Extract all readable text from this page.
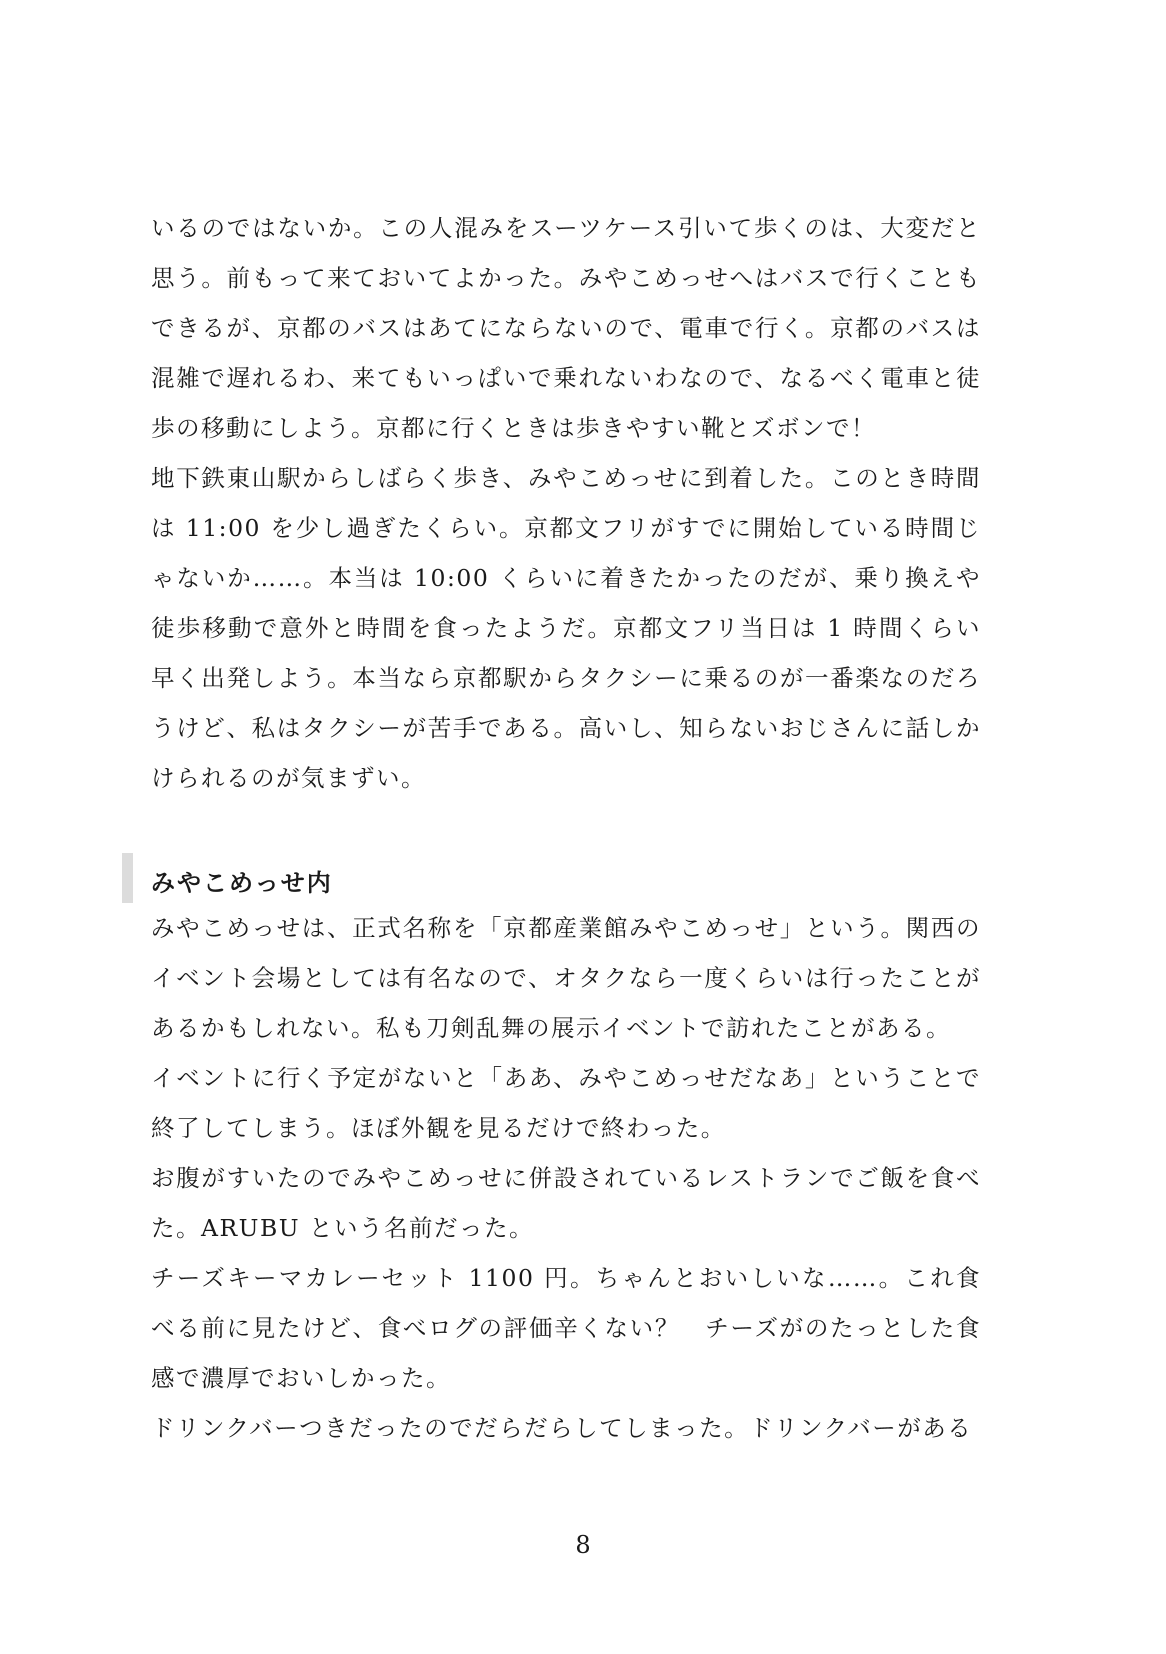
いるのではないか。この人混みをスーツケース引いて歩くのは、大変だと思う。前もって来ておいてよかった。みやこめっせへはバスで行くこともできるが、京都のバスはあてにならないので、電車で行く。京都のバスは混雑で遅れるわ、来てもいっぱいで乗れないわなので、なるべく電車と徒歩の移動にしよう。京都に行くときは歩きやすい靴とズボンで！

地下鉄東山駅からしばらく歩き、みやこめっせに到着した。このとき時間は 11:00 を少し過ぎたくらい。京都文フリがすでに開始している時間じゃないか……。本当は 10:00 くらいに着きたかったのだが、乗り換えや徒歩移動で意外と時間を食ったようだ。京都文フリ当日は 1 時間くらい早く出発しよう。本当なら京都駅からタクシーに乗るのが一番楽なのだろうけど、私はタクシーが苦手である。高いし、知らないおじさんに話しかけられるのが気まずい。

みやこめっせ内

みやこめっせは、正式名称を「京都産業館みやこめっせ」という。関西のイベント会場としては有名なので、オタクなら一度くらいは行ったことがあるかもしれない。私も刀剣乱舞の展示イベントで訪れたことがある。

イベントに行く予定がないと「ああ、みやこめっせだなあ」ということで終了してしまう。ほぼ外観を見るだけで終わった。

お腹がすいたのでみやこめっせに併設されているレストランでご飯を食べた。ARUBU という名前だった。

チーズキーマカレーセット 1100 円。ちゃんとおいしいな……。これ食べる前に見たけど、食べログの評価辛くない？　チーズがのたっとした食感で濃厚でおいしかった。

ドリンクバーつきだったのでだらだらしてしまった。ドリンクバーがある

8
